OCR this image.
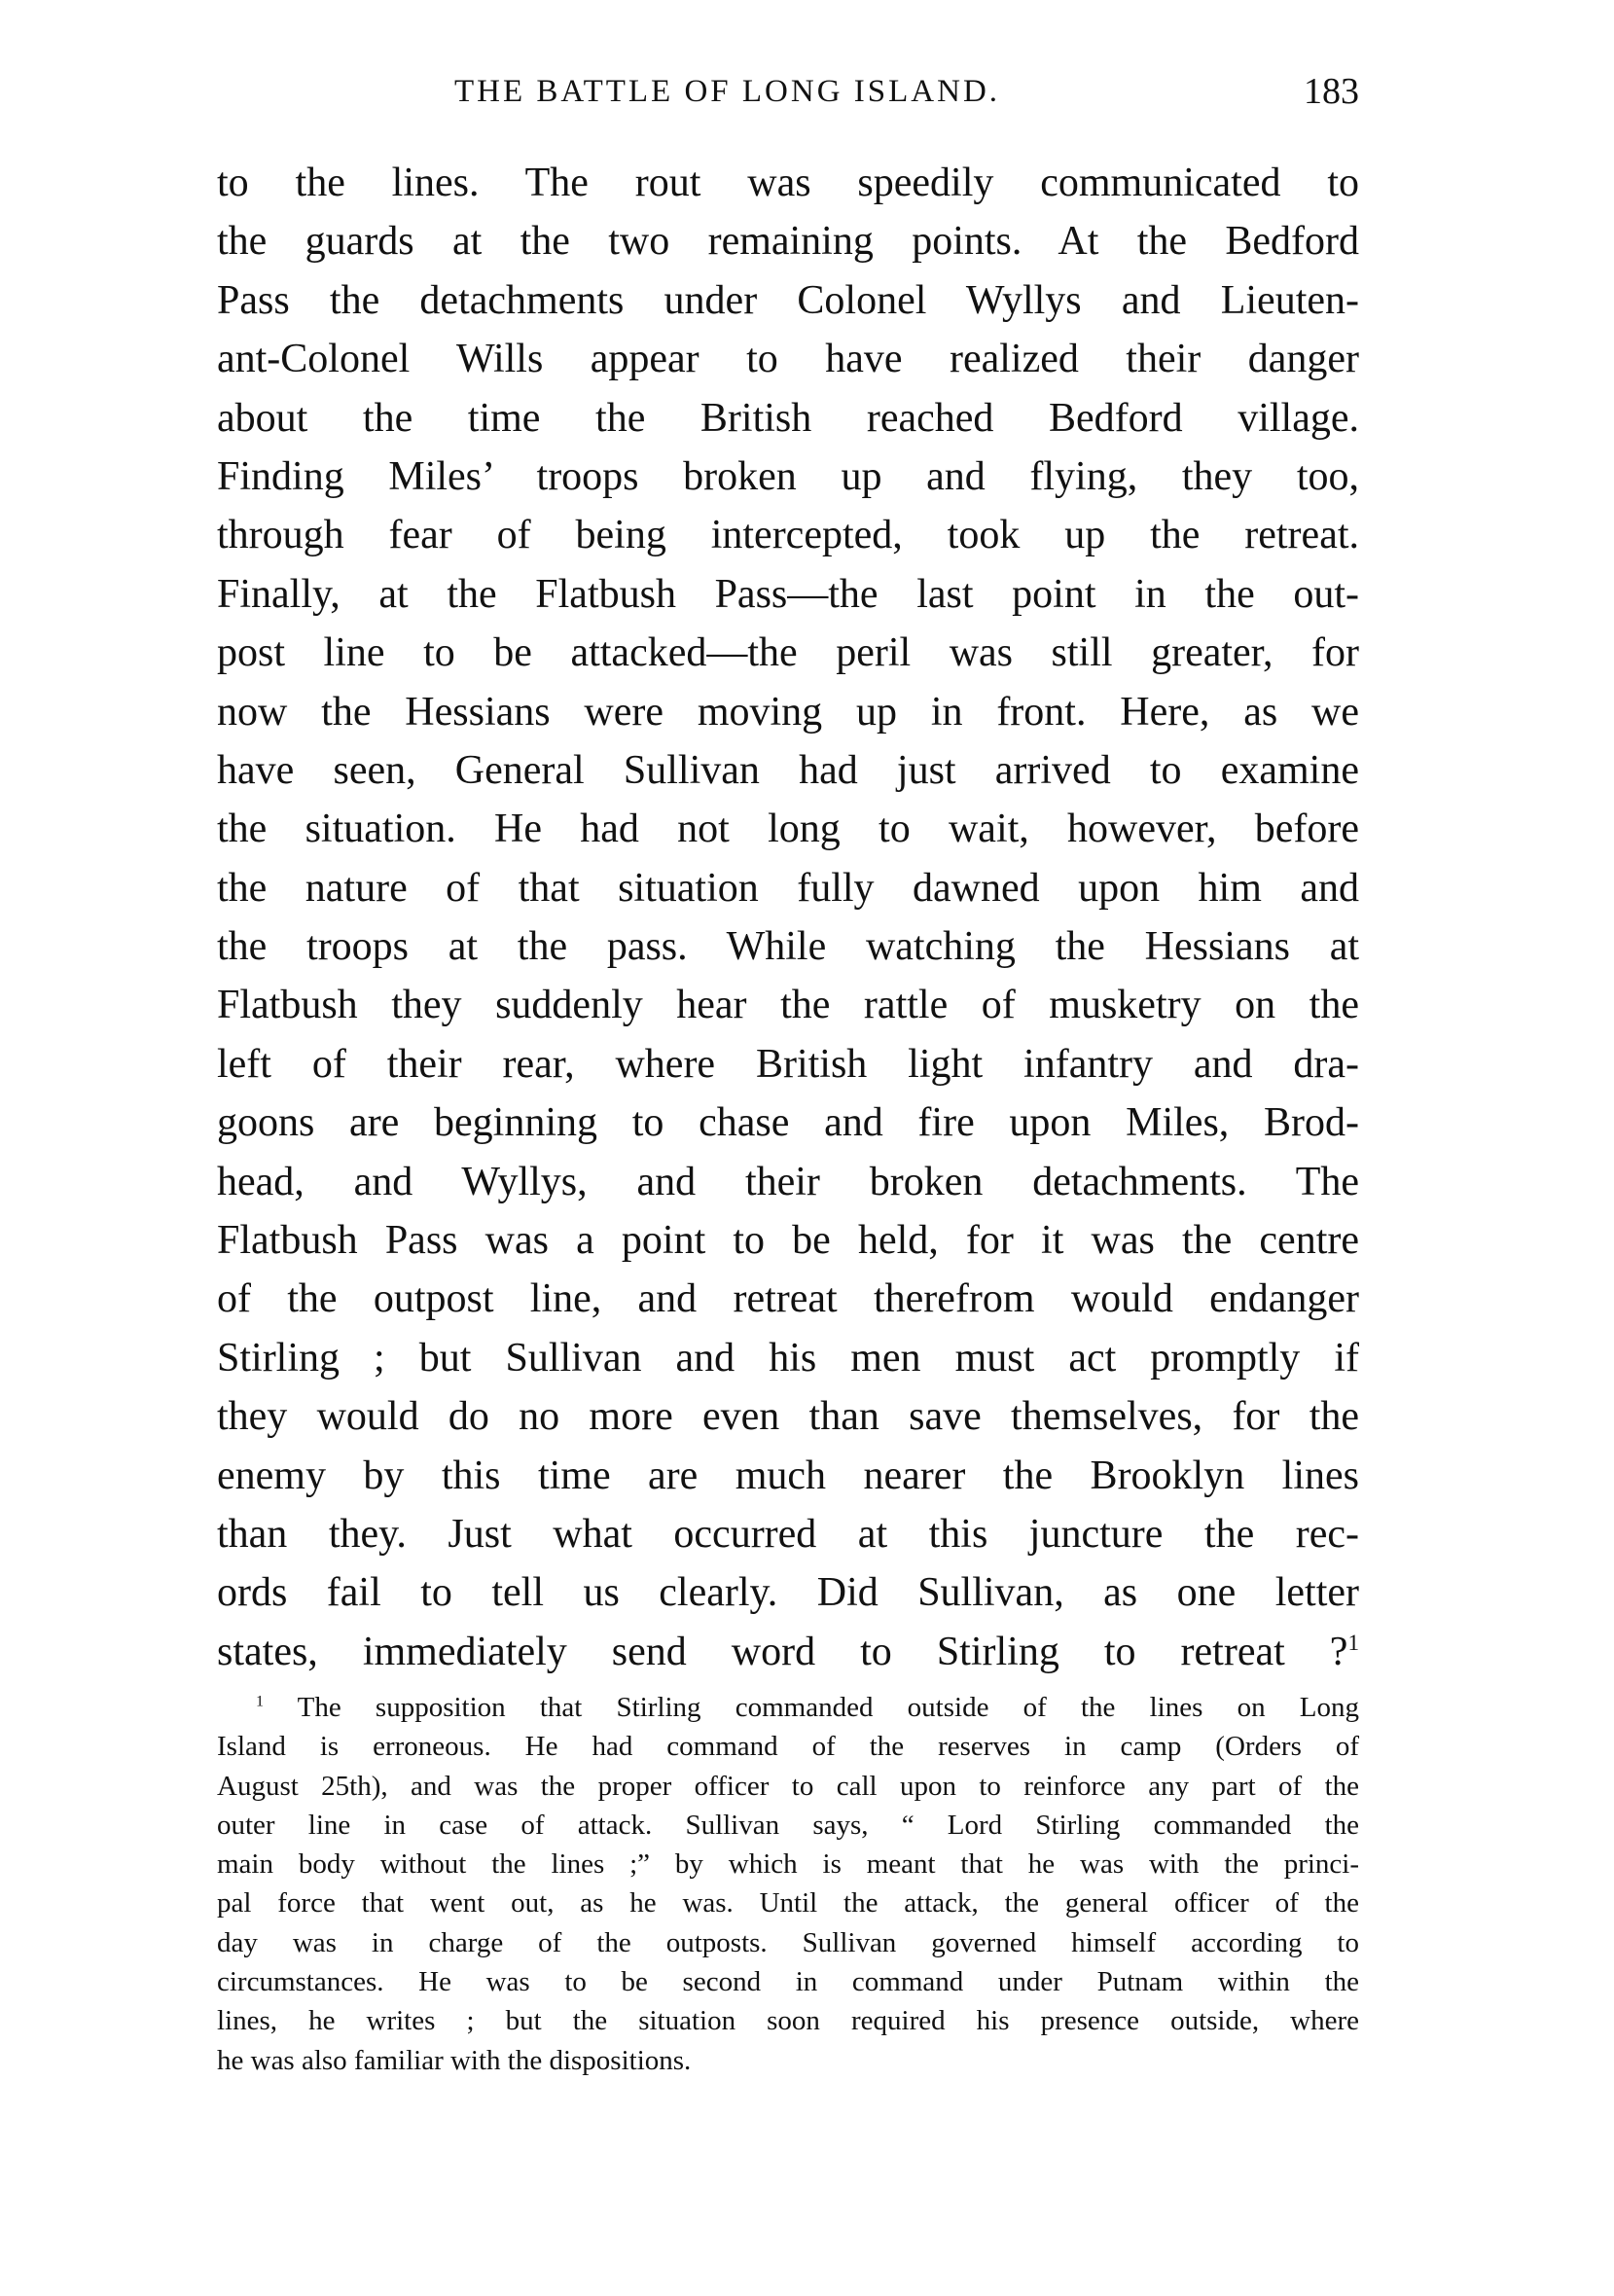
THE BATTLE OF LONG ISLAND.	183
to the lines. The rout was speedily communicated to
the guards at the two remaining points. At the Bedford
Pass the detachments under Colonel Wyllys and Lieuten-
ant-Colonel Wills appear to have realized their danger
about the time the British reached Bedford village.
Finding Miles’ troops broken up and flying, they too,
through fear of being intercepted, took up the retreat.
Finally, at the Flatbush Pass—the last point in the out-
post line to be attacked—the peril was still greater, for
now the Hessians were moving up in front. Here, as we
have seen, General Sullivan had just arrived to examine
the situation. He had not long to wait, however, before
the nature of that situation fully dawned upon him and
the troops at the pass. While watching the Hessians at
Flatbush they suddenly hear the rattle of musketry on the
left of their rear, where British light infantry and dra-
goons are beginning to chase and fire upon Miles, Brod-
head, and Wyllys, and their broken detachments. The
Flatbush Pass was a point to be held, for it was the centre
of the outpost line, and retreat therefrom would endanger
Stirling ; but Sullivan and his men must act promptly if
they would do no more even than save themselves, for the
enemy by this time are much nearer the Brooklyn lines
than they. Just what occurred at this juncture the rec-
ords fail to tell us clearly. Did Sullivan, as one letter
states, immediately send word to Stirling to retreat ?$^1$
$^1$ The supposition that Stirling commanded outside of the lines on Long
Island is erroneous. He had command of the reserves in camp (Orders of
August 25th), and was the proper officer to call upon to reinforce any part of the
outer line in case of attack. Sullivan says, “ Lord Stirling commanded the
main body without the lines ;” by which is meant that he was with the princi-
pal force that went out, as he was. Until the attack, the general officer of the
day was in charge of the outposts. Sullivan governed himself according to
circumstances. He was to be second in command under Putnam within the
lines, he writes ; but the situation soon required his presence outside, where
he was also familiar with the dispositions.
